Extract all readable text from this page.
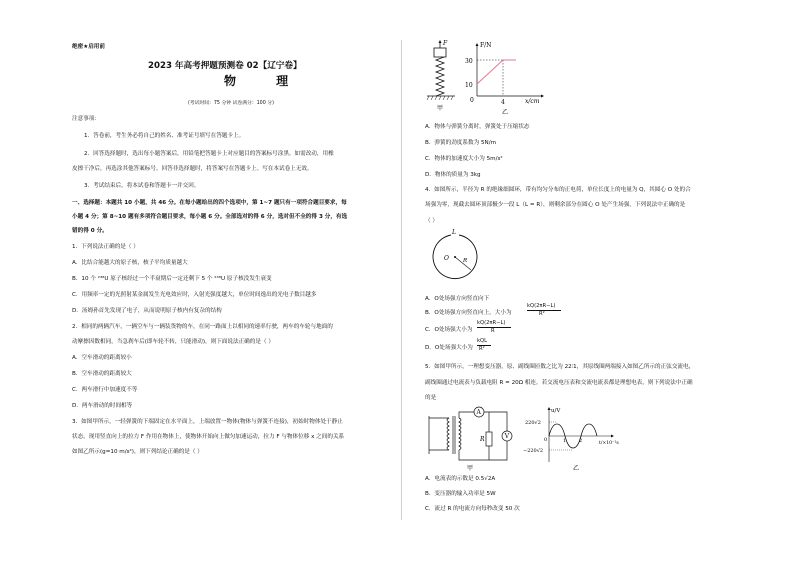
绝密★启用前
2023 年高考押题预测卷 02【辽宁卷】
物 理
(考试时间：75 分钟 试卷满分：100 分)
注意事项：
1．答卷前，考生务必将自己的姓名、准考证号填写在答题卡上。
2．回答选择题时，选出每小题答案后，用铅笔把答题卡上对应题目的答案标号涂黑。如需改动，用橡
皮擦干净后，再选涂其他答案标号。回答非选择题时，将答案写在答题卡上。写在本试卷上无效。
3．考试结束后，将本试卷和答题卡一并交回。
一、选择题：本题共 10 小题，共 46 分。在每小题给出的四个选项中，第 1~7 题只有一项符合题目要求，每
小题 4 分；第 8~10 题有多项符合题目要求，每小题 6 分。全部选对的得 6 分，选对但不全的得 3 分，有选
错的得 0 分。
1．下列说法正确的是（ ）
A．比结合能越大的原子核，核子平均质量越大
B．10 个 ²³⁸U 原子核经过一个半衰期后一定还剩下 5 个 ²³⁸U 原子核没发生衰变
C．用频率一定的光照射某金属发生光电效应时，入射光强度越大，单位时间逸出的光电子数目越多
D．汤姆孙首先发现了电子，从而说明原子核内有复杂的结构
2．相同的两辆汽车，一辆空车与一辆装货物的车，在同一路面上以相同的速率行驶，两车的车轮与地面的
动摩擦因数相同，当急刹车后(即车轮不转，只能滑动)，则下面说法正确的是（ ）
A．空车滑动的距离较小
B．空车滑动的距离较大
C．两车滑行中加速度不等
D．两车滑动的时间相等
3．如图甲所示，一轻弹簧的下端固定在水平面上，上端放置一物体(物体与弹簧不连接)，初始时物体处于静止
状态。现用竖直向上的拉力 F 作用在物体上，使物体开始向上做匀加速运动，拉力 F 与物体位移 x 之间的关系
如图乙所示(g=10 m/s²)，则下列结论正确的是（ ）
F
甲
F/N
x/cm
30
10
0	4
乙
A．物体与弹簧分离时，弹簧处于压缩状态
B．弹簧的劲度系数为 5N/m
C．物体的加速度大小为 5m/s²
D．物体的质量为 3kg
4．如图所示，半径为 R 的绝缘细圆环，带有均匀分布的正电荷，单位长度上的电量为 Q，其圆心 O 处的合
场强为零，现截去圆环顶部极少一段 L（L = R），则剩余部分在圆心 O 处产生场强，下列说法中正确的是
（ ）
L
O	R
A．O处场强方向竖直向下
B．O处场强方向竖直向上，大小为
kQ(2πR−L)
R²
C．O处场强大小为
kQ(2πR−L)
R
D．O处场强大小为
kQL
R²
5．如图甲所示，一理想变压器，原、副线圈匝数之比为 22∶1，其原线圈两端接入如图乙所示的正弦交流电，
副线圈通过电流表与负载电阻 R = 20Ω 相连。若交流电压表和交流电流表都是理想电表，则下列说法中正确
的是
A
V
R
甲
u/V
220√2
−220√2
0	1	2	t/×10⁻²s
乙
A．电流表的示数是 0.5√2A
B．变压器的输入功率是 5W
C．流过 R 的电流方向每秒改变 50 次
